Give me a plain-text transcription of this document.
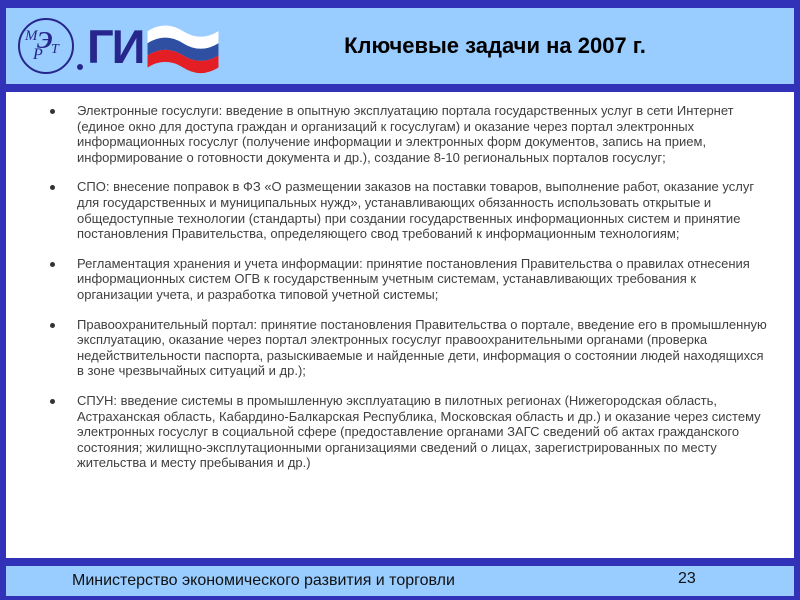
М Э
Р Т ГИ	Ключевые задачи на 2007 г.

Электронные госуслуги: введение в опытную эксплуатацию портала государственных услуг в сети Интернет (единое окно для доступа граждан и организаций к госуслугам) и оказание через портал электронных информационных госуслуг (получение информации и электронных форм документов, запись на прием, информирование о готовности документа и др.), создание 8-10 региональных порталов госуслуг;

СПО: внесение поправок в ФЗ «О размещении заказов на поставки товаров, выполнение работ, оказание услуг для государственных и муниципальных нужд», устанавливающих обязанность использовать открытые и общедоступные технологии (стандарты) при создании государственных информационных систем и принятие постановления Правительства, определяющего свод требований к информационным технологиям;

Регламентация хранения и учета информации: принятие постановления Правительства о правилах отнесения информационных систем ОГВ к государственным учетным системам, устанавливающих требования к организации учета, и разработка типовой учетной системы;

Правоохранительный портал: принятие постановления Правительства о портале, введение его в промышленную эксплуатацию, оказание через портал электронных госуслуг правоохранительными органами (проверка недействительности паспорта, разыскиваемые и найденные дети, информация о состоянии людей находящихся в зоне чрезвычайных ситуаций и др.);

СПУН: введение системы в промышленную эксплуатацию в пилотных регионах (Нижегородская область, Астраханская область, Кабардино-Балкарская Республика, Московская область и др.) и оказание через систему электронных госуслуг в социальной сфере (предоставление органами ЗАГС сведений об актах гражданского состояния; жилищно-эксплутационными организациями сведений о лицах, зарегистрированных по месту жительства и месту пребывания и др.)

Министерство экономического развития и торговли	23
